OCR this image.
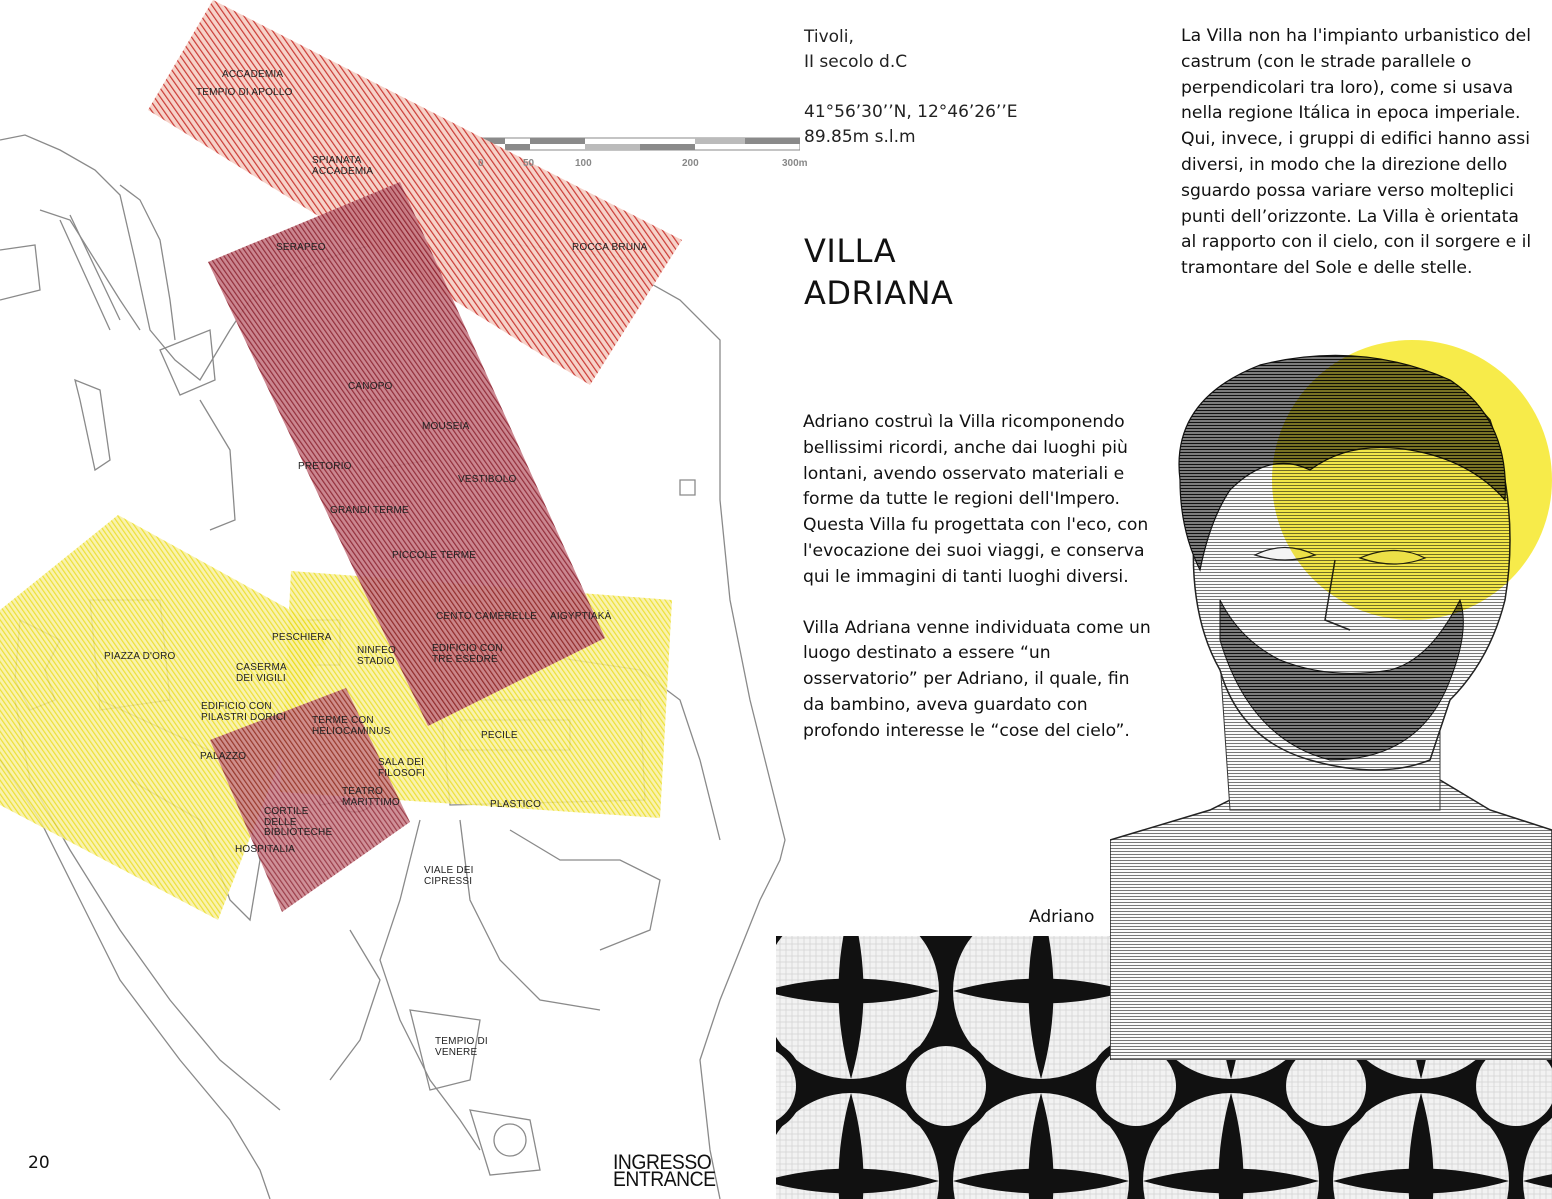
0	50	100	200	300m
ACCADEMIA
TEMPIO DI APOLLO
SPIANATA ACCADEMIA
SERAPEO	ROCCA BRUNA
CANOPO
MOUSEIA
PRETORIO
VESTIBOLO
GRANDI TERME
PICCOLE TERME
CENTO CAMERELLE AIGYPTIAKÀ
PESCHIERA
NINFEO STADIO
EDIFICIO CON TRE ESEDRE
PIAZZA D'ORO
CASERMA DEI VIGILI
EDIFICIO CON PILASTRI DORICI	TERME CON HELIOCAMINUS	PECILE
PALAZZO
SALA DEI FILOSOFI
TEATRO MARITTIMO
CORTILE DELLE BIBLIOTECHE
PLASTICO
HOSPITALIA
VIALE DEI CIPRESSI
TEMPIO DI VENERE
INGRESSO
ENTRANCE
20
Tivoli,
II secolo d.C
41°56’30’’N, 12°46’26’’E
89.85m s.l.m
VILLA
ADRIANA

La Villa non ha l'impianto urbanistico del castrum (con le strade parallele o perpendicolari tra loro), come si usava nella regione Itálica in epoca imperiale. Qui, invece, i gruppi di edifici hanno assi diversi, in modo che la direzione dello sguardo possa variare verso molteplici punti dell’orizzonte. La Villa è orientata al rapporto con il cielo, con il sorgere e il tramontare del Sole e delle stelle.

Adriano costruì la Villa ricomponendo bellissimi ricordi, anche dai luoghi più lontani, avendo osservato materiali e forme da tutte le regioni dell'Impero. Questa Villa fu progettata con l'eco, con l'evocazione dei suoi viaggi, e conserva qui le immagini di tanti luoghi diversi.

Villa Adriana venne individuata come un luogo destinato a essere “un osservatorio” per Adriano, il quale, fin da bambino, aveva guardato con profondo interesse le “cose del cielo”.

Adriano
